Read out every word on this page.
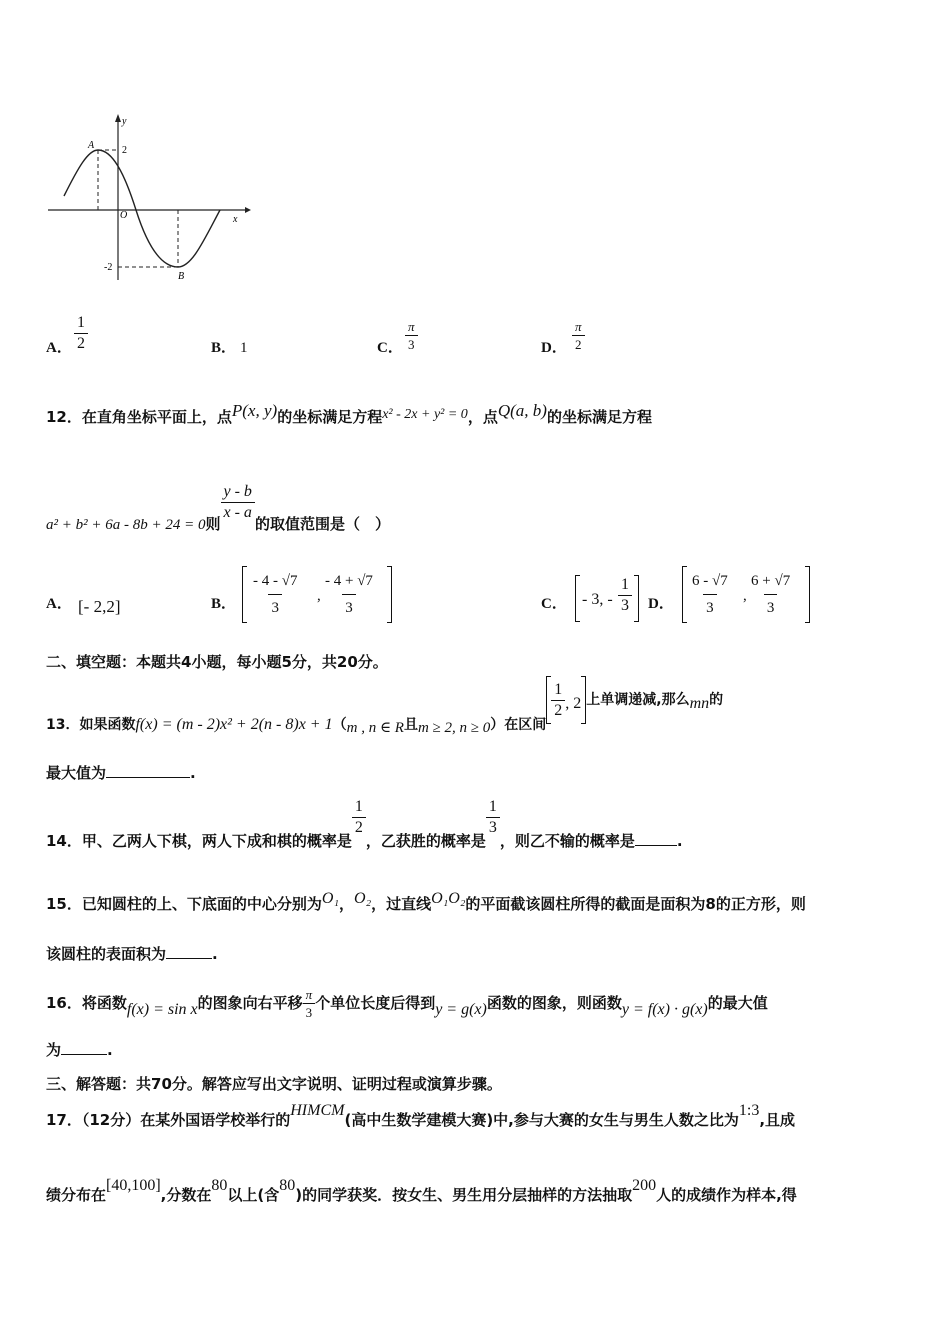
y
x
O
A
B
2
-2
A． $\frac{1}{2}$	B． 1	C． $\frac{\pi}{3}$	D． $\frac{\pi}{2}$
12．在直角坐标平面上，点P(x, y)的坐标满足方程x² - 2x + y² = 0，点Q(a, b)的坐标满足方程
a² + b² + 6a - 8b + 24 = 0则
$\frac{y - b}{x - a}$
的取值范围是（　）
A． [- 2,2]	B． $\frac{- 4 - √7}{3}$ , $\frac{- 4 + √7}{3}$	C． - 3, - $\frac{1}{3}$ D． $\frac{6 - √7}{3}$ , $\frac{6 + √7}{3}$
二、填空题：本题共4小题，每小题5分，共20分。
13．如果函数f(x) = (m - 2)x² + 2(n - 8)x + 1（m , n ∈ R且m ≥ 2, n ≥ 0）在区间
$\frac{1}{2}$ , 2 上单调递减,那么mn的
最大值为	.
14．甲、乙两人下棋，两人下成和棋的概率是
$\frac{1}{2}$
，乙获胜的概率是
$\frac{1}{3}$
，则乙不输的概率是	.
15．已知圆柱的上、下底面的中心分别为O₁，O₂，过直线O₁O₂的平面截该圆柱所得的截面是面积为8的正方形，则
该圆柱的表面积为	.
16．将函数f(x) = sin x的图象向右平移 $\frac{\pi}{3}$ 个单位长度后得到y = g(x)函数的图象，则函数y = f(x) · g(x)的最大值
为	.
三、解答题：共70分。解答应写出文字说明、证明过程或演算步骤。
17．（12分）在某外国语学校举行的HIMCM(高中生数学建模大赛)中,参与大赛的女生与男生人数之比为1:3,且成
绩分布在[40,100],分数在80以上(含80)的同学获奖．按女生、男生用分层抽样的方法抽取200人的成绩作为样本,得
